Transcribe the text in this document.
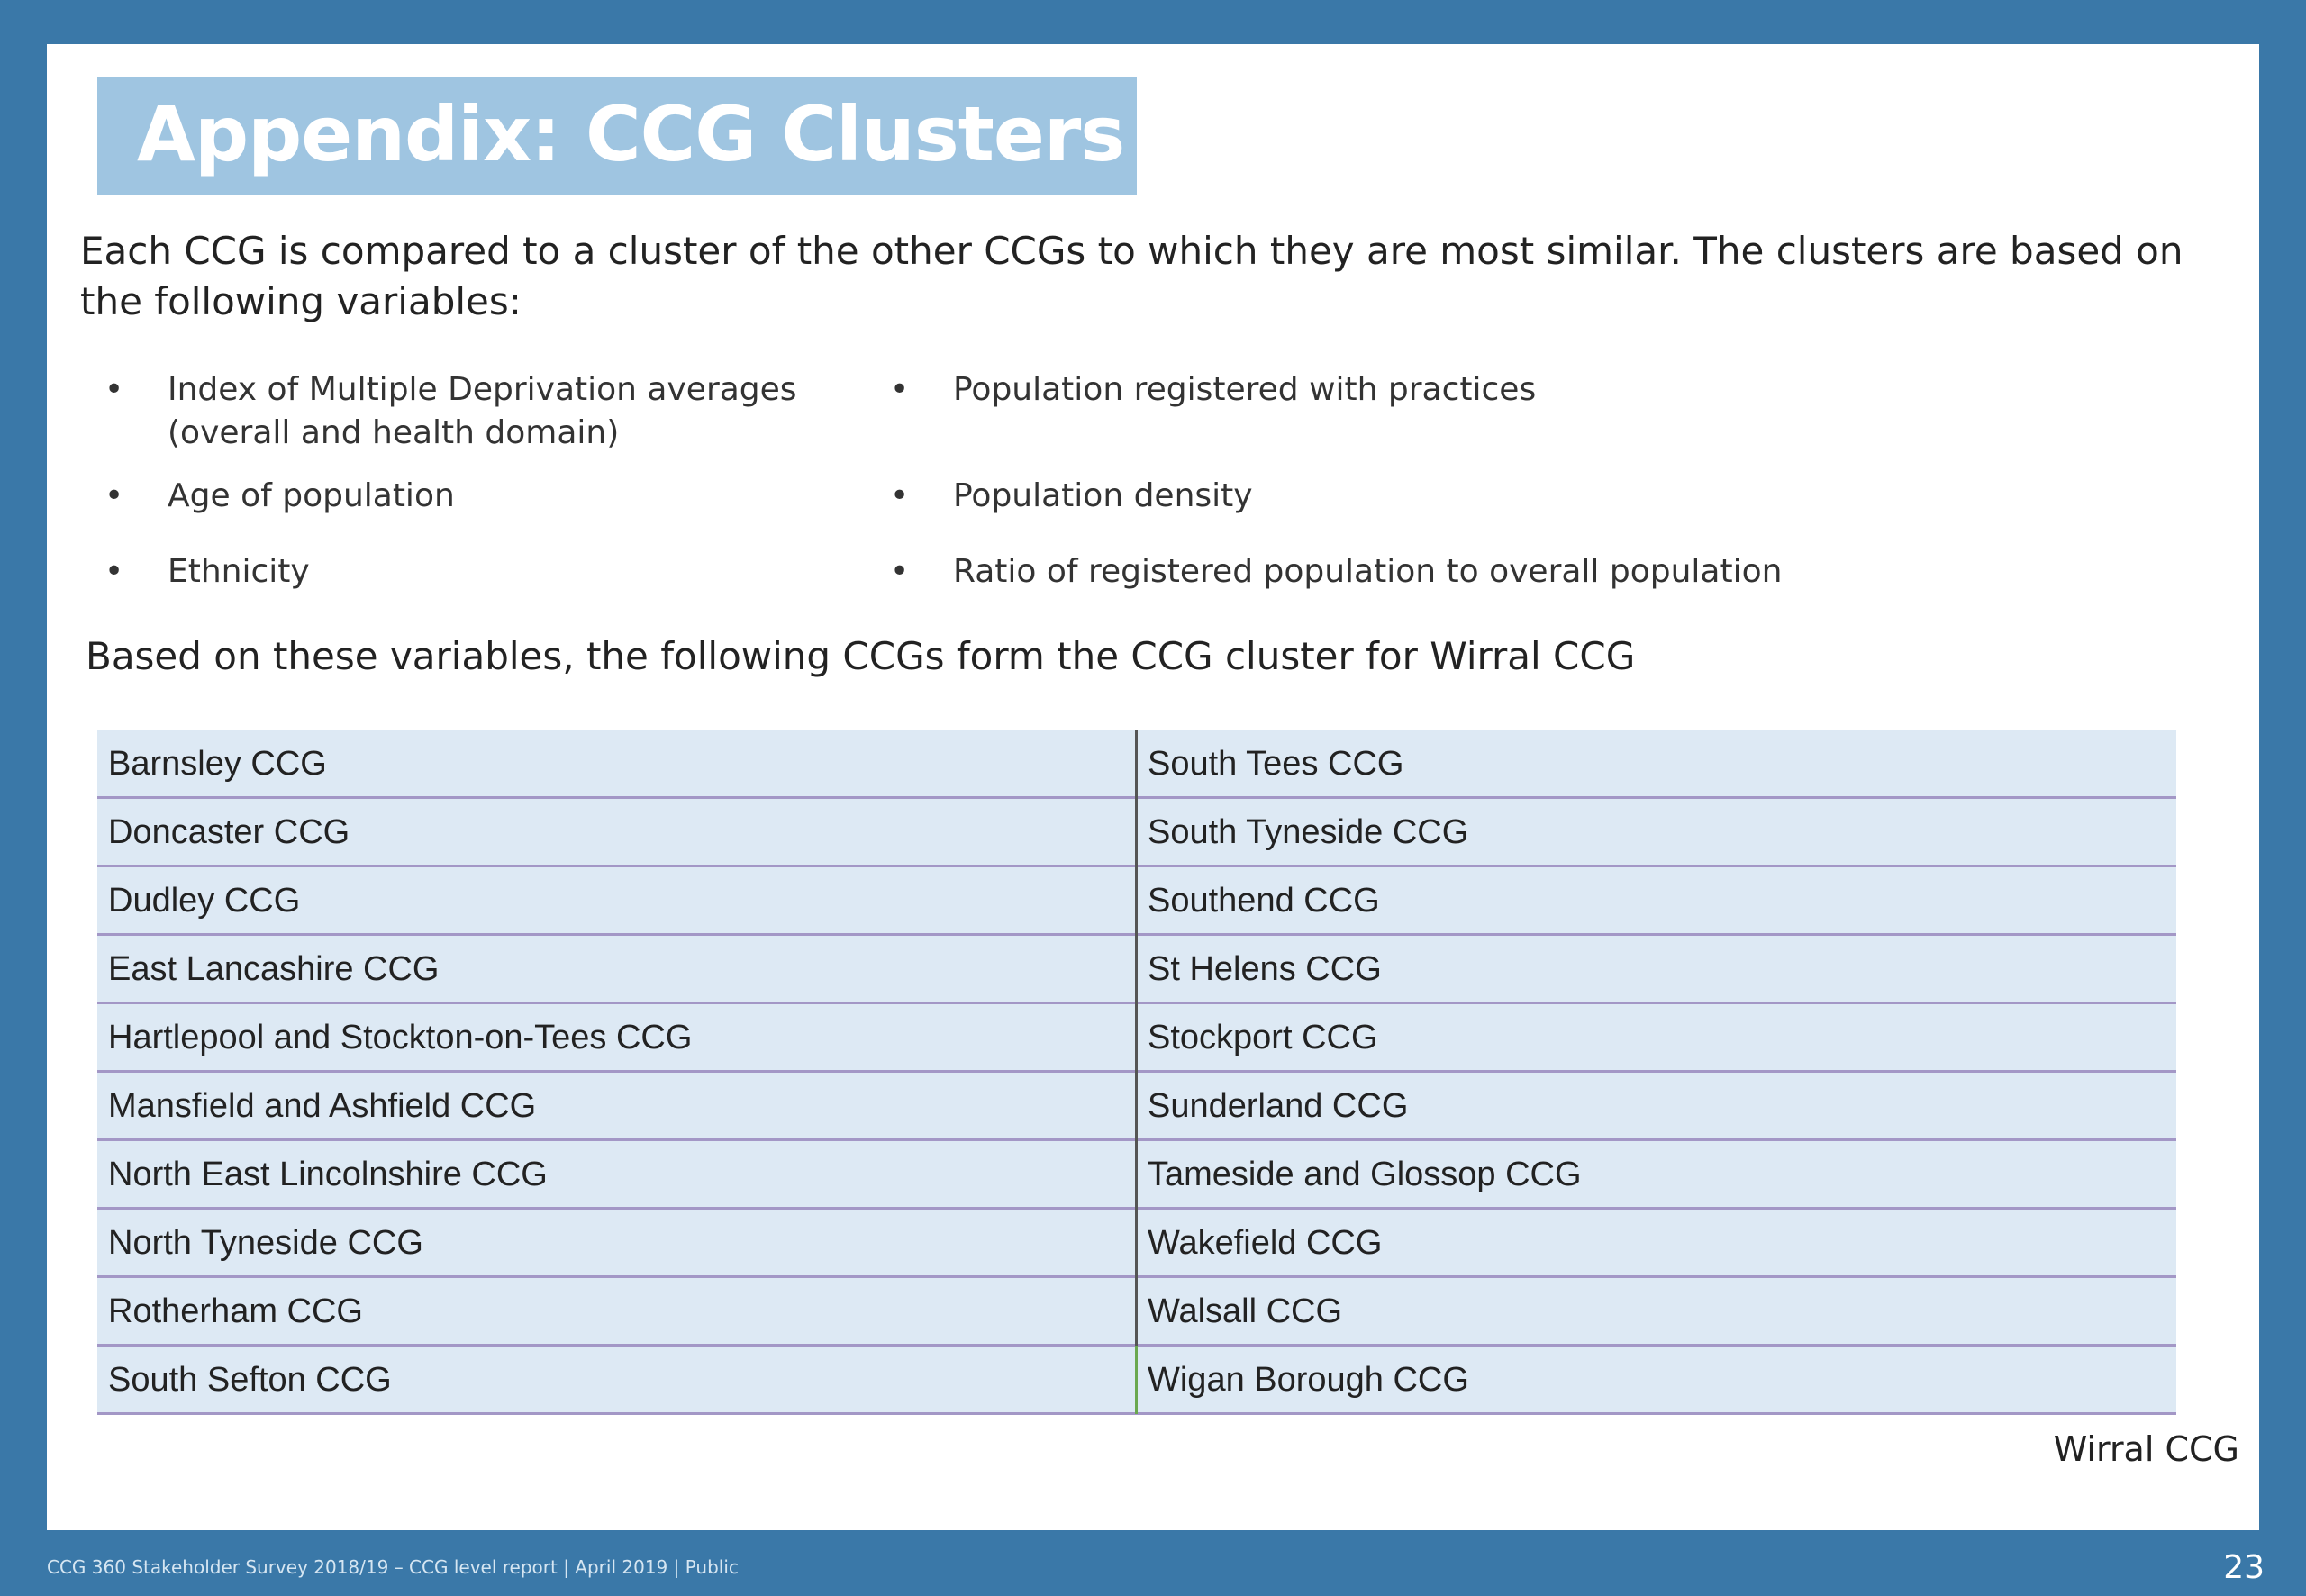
Each CCG is compared to a cluster of the other CCGs to which they are most similar. The clusters are based on the following variables:
• Index of Multiple Deprivation averages
(overall and health domain)
• Age of population
• Ethnicity
• Population registered with practices
• Population density
• Ratio of registered population to overall population
Based on these variables, the following CCGs form the CCG cluster for Wirral CCG
Barnsley CCG	South Tees CCG
Doncaster CCG	South Tyneside CCG
Dudley CCG	Southend CCG
East Lancashire CCG	St Helens CCG
Hartlepool and Stockton-on-Tees CCG	Stockport CCG
Mansfield and Ashfield CCG	Sunderland CCG
North East Lincolnshire CCG	Tameside and Glossop CCG
North Tyneside CCG	Wakefield CCG
Rotherham CCG	Walsall CCG
South Sefton CCG	Wigan Borough CCG
Wirral CCG
Appendix: CCG Clusters
CCG 360 Stakeholder Survey 2018/19 – CCG level report | April 2019 | Public	23
